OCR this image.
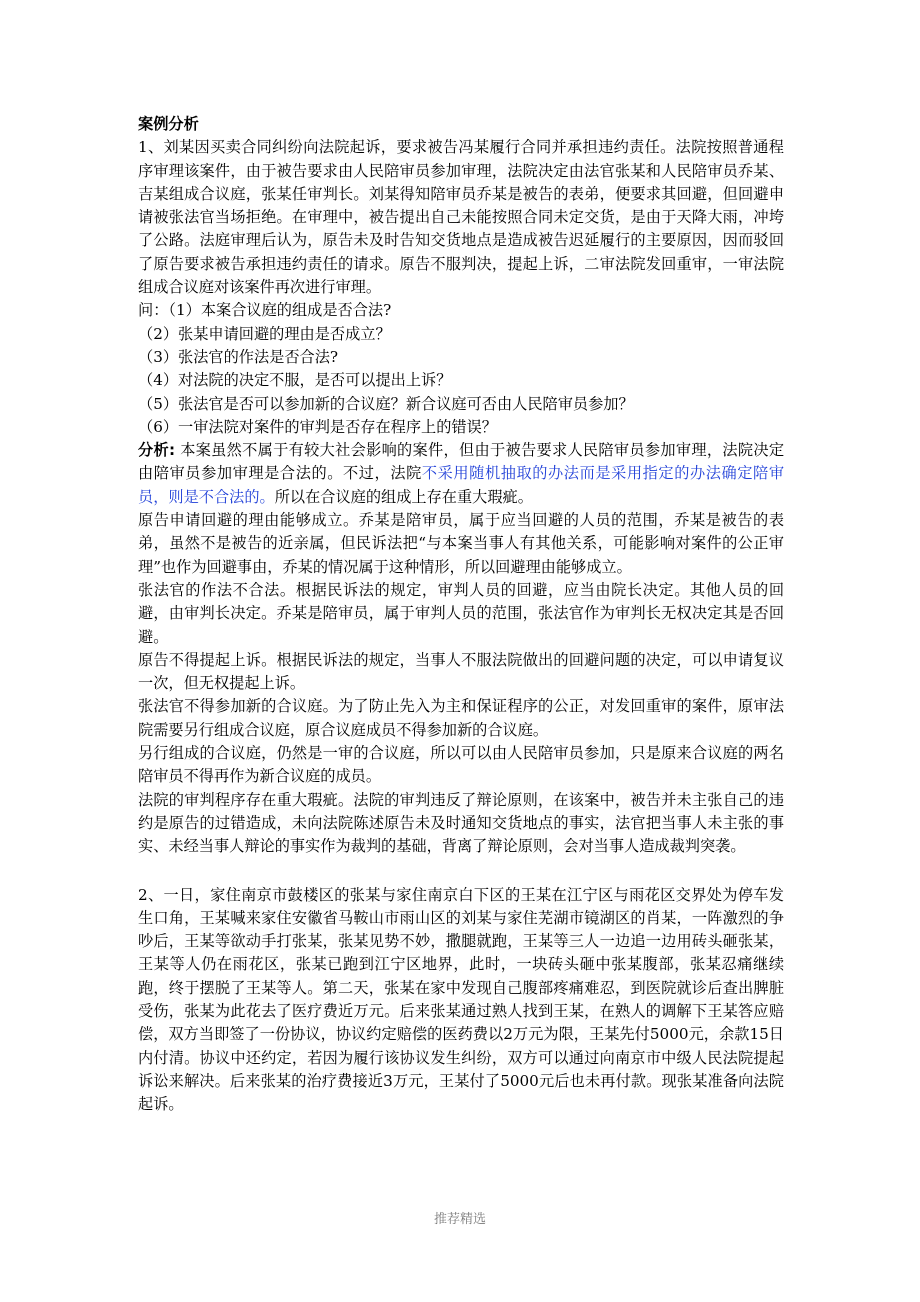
案例分析

1、刘某因买卖合同纠纷向法院起诉，要求被告冯某履行合同并承担违约责任。法院按照普通程序审理该案件，由于被告要求由人民陪审员参加审理，法院决定由法官张某和人民陪审员乔某、吉某组成合议庭，张某任审判长。刘某得知陪审员乔某是被告的表弟，便要求其回避，但回避申请被张法官当场拒绝。在审理中，被告提出自己未能按照合同未定交货，是由于天降大雨，冲垮了公路。法庭审理后认为，原告未及时告知交货地点是造成被告迟延履行的主要原因，因而驳回了原告要求被告承担违约责任的请求。原告不服判决，提起上诉，二审法院发回重审，一审法院组成合议庭对该案件再次进行审理。

问：（1）本案合议庭的组成是否合法?

（2）张某申请回避的理由是否成立？

（3）张法官的作法是否合法?

（4）对法院的决定不服，是否可以提出上诉？

（5）张法官是否可以参加新的合议庭？新合议庭可否由人民陪审员参加？

（6）一审法院对案件的审判是否存在程序上的错误？

分析: 本案虽然不属于有较大社会影响的案件，但由于被告要求人民陪审员参加审理，法院决定由陪审员参加审理是合法的。不过，法院不采用随机抽取的办法而是采用指定的办法确定陪审员，则是不合法的。所以在合议庭的组成上存在重大瑕疵。

原告申请回避的理由能够成立。乔某是陪审员，属于应当回避的人员的范围，乔某是被告的表弟，虽然不是被告的近亲属，但民诉法把“与本案当事人有其他关系，可能影响对案件的公正审理”也作为回避事由，乔某的情况属于这种情形，所以回避理由能够成立。

张法官的作法不合法。根据民诉法的规定，审判人员的回避，应当由院长决定。其他人员的回避，由审判长决定。乔某是陪审员，属于审判人员的范围，张法官作为审判长无权决定其是否回避。

原告不得提起上诉。根据民诉法的规定，当事人不服法院做出的回避问题的决定，可以申请复议一次，但无权提起上诉。

张法官不得参加新的合议庭。为了防止先入为主和保证程序的公正，对发回重审的案件，原审法院需要另行组成合议庭，原合议庭成员不得参加新的合议庭。

另行组成的合议庭，仍然是一审的合议庭，所以可以由人民陪审员参加，只是原来合议庭的两名陪审员不得再作为新合议庭的成员。

法院的审判程序存在重大瑕疵。法院的审判违反了辩论原则，在该案中，被告并未主张自己的违约是原告的过错造成，未向法院陈述原告未及时通知交货地点的事实，法官把当事人未主张的事实、未经当事人辩论的事实作为裁判的基础，背离了辩论原则，会对当事人造成裁判突袭。

2、一日，家住南京市鼓楼区的张某与家住南京白下区的王某在江宁区与雨花区交界处为停车发生口角，王某喊来家住安徽省马鞍山市雨山区的刘某与家住芜湖市镜湖区的肖某，一阵激烈的争吵后，王某等欲动手打张某，张某见势不妙，撒腿就跑，王某等三人一边追一边用砖头砸张某，王某等人仍在雨花区，张某已跑到江宁区地界，此时，一块砖头砸中张某腹部，张某忍痛继续跑，终于摆脱了王某等人。第二天，张某在家中发现自己腹部疼痛难忍，到医院就诊后查出脾脏受伤，张某为此花去了医疗费近万元。后来张某通过熟人找到王某，在熟人的调解下王某答应赔偿，双方当即签了一份协议，协议约定赔偿的医药费以2万元为限，王某先付5000元，余款15日内付清。协议中还约定，若因为履行该协议发生纠纷，双方可以通过向南京市中级人民法院提起诉讼来解决。后来张某的治疗费接近3万元，王某付了5000元后也未再付款。现张某准备向法院起诉。

推荐精选
